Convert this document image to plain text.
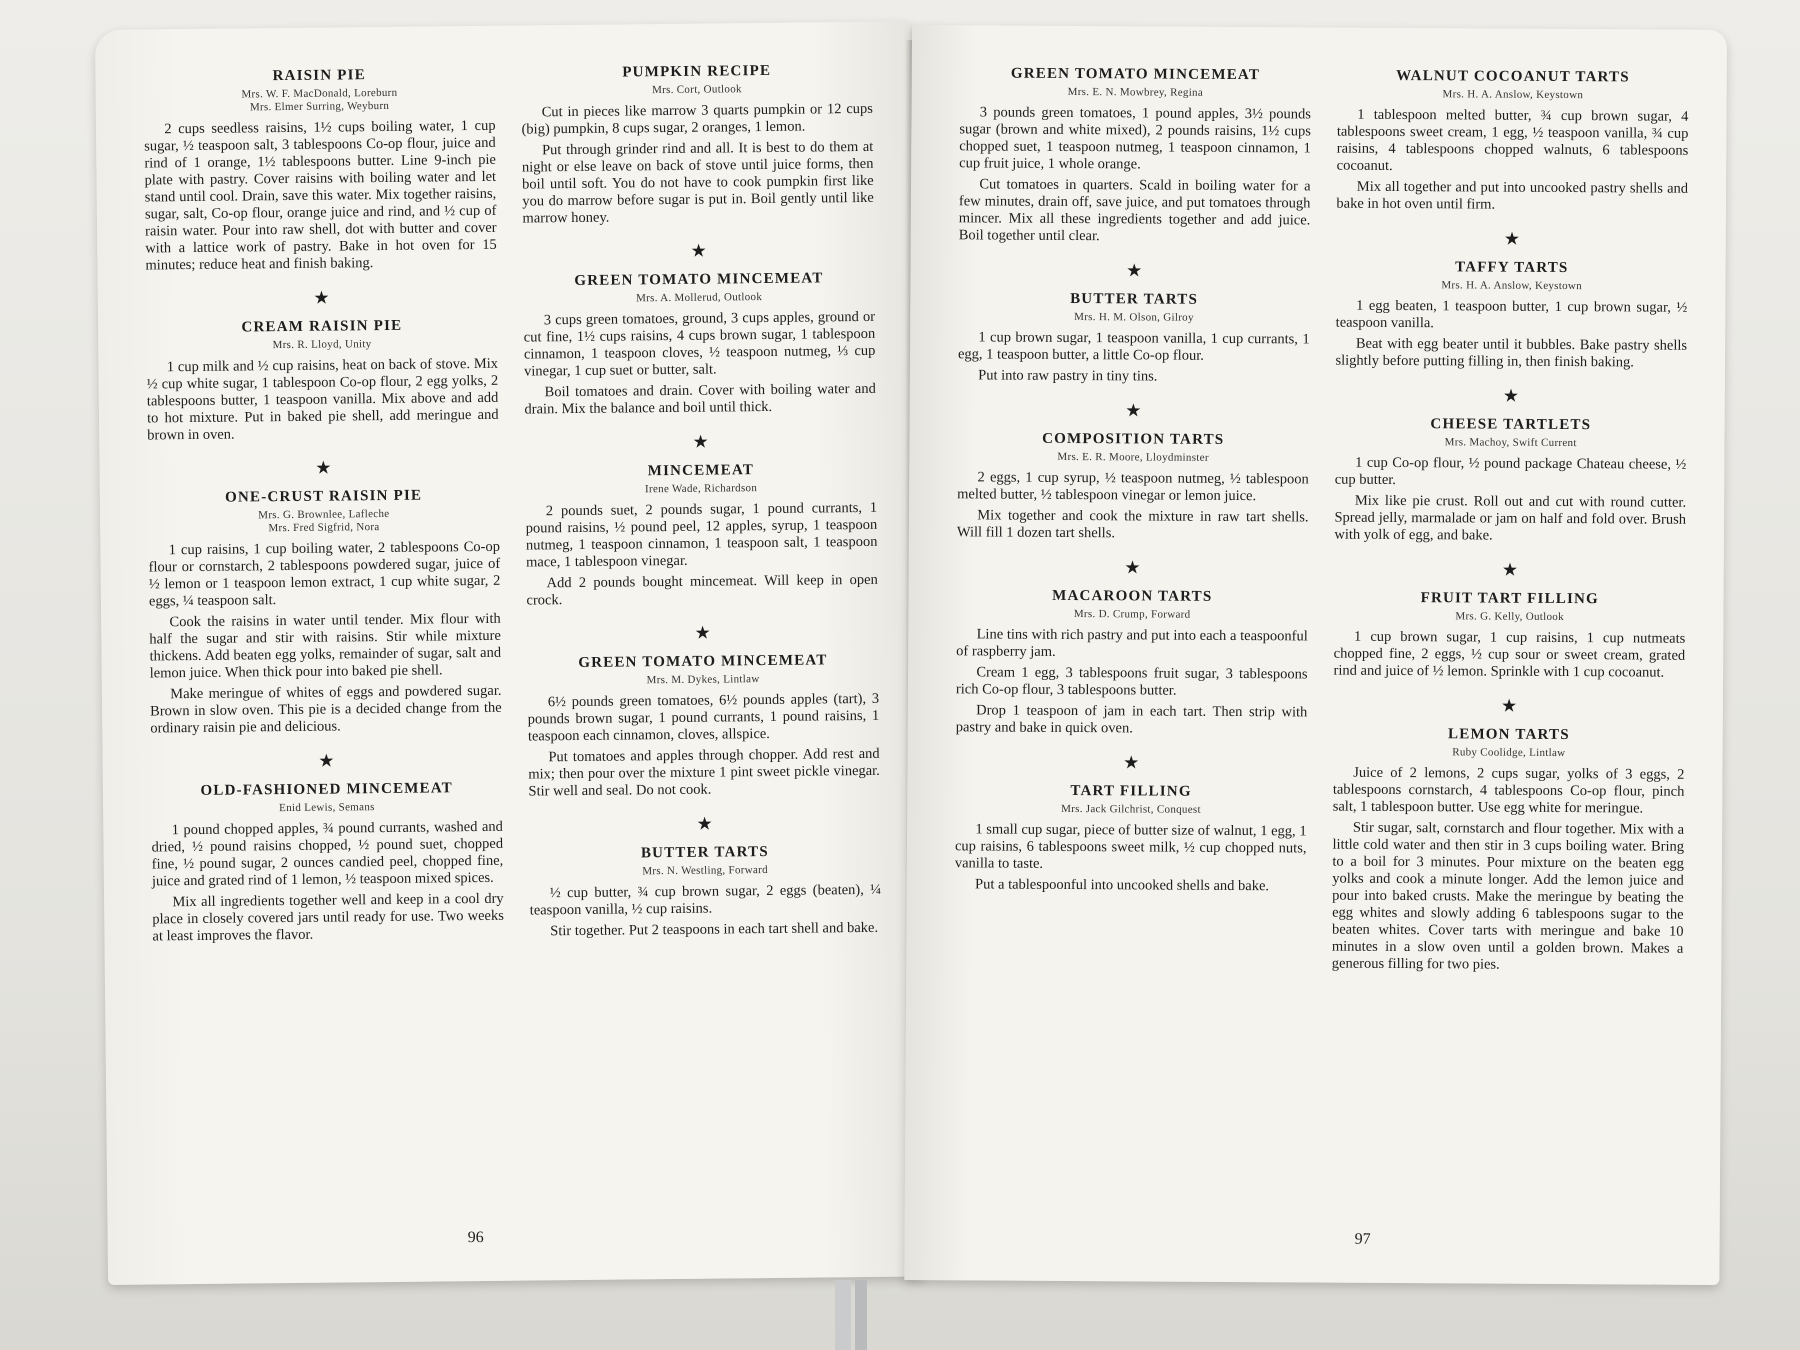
RAISIN PIE
Mrs. W. F. MacDonald, Loreburn
Mrs. Elmer Surring, Weyburn

2 cups seedless raisins, 1½ cups boiling water, 1 cup sugar, ½ teaspoon salt, 3 tablespoons Co-op flour, juice and rind of 1 orange, 1½ tablespoons butter. Line 9-inch pie plate with pastry. Cover raisins with boiling water and let stand until cool. Drain, save this water. Mix together raisins, sugar, salt, Co-op flour, orange juice and rind, and ½ cup of raisin water. Pour into raw shell, dot with butter and cover with a lattice work of pastry. Bake in hot oven for 15 minutes; reduce heat and finish baking.

★
CREAM RAISIN PIE
Mrs. R. Lloyd, Unity

1 cup milk and ½ cup raisins, heat on back of stove. Mix ½ cup white sugar, 1 tablespoon Co-op flour, 2 egg yolks, 2 tablespoons butter, 1 teaspoon vanilla. Mix above and add to hot mixture. Put in baked pie shell, add meringue and brown in oven.

★
ONE-CRUST RAISIN PIE
Mrs. G. Brownlee, Lafleche
Mrs. Fred Sigfrid, Nora

1 cup raisins, 1 cup boiling water, 2 tablespoons Co-op flour or cornstarch, 2 tablespoons powdered sugar, juice of ½ lemon or 1 teaspoon lemon extract, 1 cup white sugar, 2 eggs, ¼ teaspoon salt.

Cook the raisins in water until tender. Mix flour with half the sugar and stir with raisins. Stir while mixture thickens. Add beaten egg yolks, remainder of sugar, salt and lemon juice. When thick pour into baked pie shell.

Make meringue of whites of eggs and powdered sugar. Brown in slow oven. This pie is a decided change from the ordinary raisin pie and delicious.

★
OLD-FASHIONED MINCEMEAT
Enid Lewis, Semans

1 pound chopped apples, ¾ pound currants, washed and dried, ½ pound raisins chopped, ½ pound suet, chopped fine, ½ pound sugar, 2 ounces candied peel, chopped fine, juice and grated rind of 1 lemon, ½ teaspoon mixed spices.

Mix all ingredients together well and keep in a cool dry place in closely covered jars until ready for use. Two weeks at least improves the flavor.

PUMPKIN RECIPE
Mrs. Cort, Outlook

Cut in pieces like marrow 3 quarts pumpkin or 12 cups (big) pumpkin, 8 cups sugar, 2 oranges, 1 lemon.

Put through grinder rind and all. It is best to do them at night or else leave on back of stove until juice forms, then boil until soft. You do not have to cook pumpkin first like you do marrow before sugar is put in. Boil gently until like marrow honey.

★
GREEN TOMATO MINCEMEAT
Mrs. A. Mollerud, Outlook

3 cups green tomatoes, ground, 3 cups apples, ground or cut fine, 1½ cups raisins, 4 cups brown sugar, 1 tablespoon cinnamon, 1 teaspoon cloves, ½ teaspoon nutmeg, ⅓ cup vinegar, 1 cup suet or butter, salt.

Boil tomatoes and drain. Cover with boiling water and drain. Mix the balance and boil until thick.

★
MINCEMEAT
Irene Wade, Richardson

2 pounds suet, 2 pounds sugar, 1 pound currants, 1 pound raisins, ½ pound peel, 12 apples, syrup, 1 teaspoon nutmeg, 1 teaspoon cinnamon, 1 teaspoon salt, 1 teaspoon mace, 1 tablespoon vinegar.

Add 2 pounds bought mincemeat. Will keep in open crock.

★
GREEN TOMATO MINCEMEAT
Mrs. M. Dykes, Lintlaw

6½ pounds green tomatoes, 6½ pounds apples (tart), 3 pounds brown sugar, 1 pound currants, 1 pound raisins, 1 teaspoon each cinnamon, cloves, allspice.

Put tomatoes and apples through chopper. Add rest and mix; then pour over the mixture 1 pint sweet pickle vinegar. Stir well and seal. Do not cook.

★
BUTTER TARTS
Mrs. N. Westling, Forward

½ cup butter, ¾ cup brown sugar, 2 eggs (beaten), ¼ teaspoon vanilla, ½ cup raisins.

Stir together. Put 2 teaspoons in each tart shell and bake.

96
GREEN TOMATO MINCEMEAT
Mrs. E. N. Mowbrey, Regina

3 pounds green tomatoes, 1 pound apples, 3½ pounds sugar (brown and white mixed), 2 pounds raisins, 1½ cups chopped suet, 1 teaspoon nutmeg, 1 teaspoon cinnamon, 1 cup fruit juice, 1 whole orange.

Cut tomatoes in quarters. Scald in boiling water for a few minutes, drain off, save juice, and put tomatoes through mincer. Mix all these ingredients together and add juice. Boil together until clear.

★
BUTTER TARTS
Mrs. H. M. Olson, Gilroy

1 cup brown sugar, 1 teaspoon vanilla, 1 cup currants, 1 egg, 1 teaspoon butter, a little Co-op flour.

Put into raw pastry in tiny tins.

★
COMPOSITION TARTS
Mrs. E. R. Moore, Lloydminster

2 eggs, 1 cup syrup, ½ teaspoon nutmeg, ½ tablespoon melted butter, ½ tablespoon vinegar or lemon juice.

Mix together and cook the mixture in raw tart shells. Will fill 1 dozen tart shells.

★
MACAROON TARTS
Mrs. D. Crump, Forward

Line tins with rich pastry and put into each a teaspoonful of raspberry jam.

Cream 1 egg, 3 tablespoons fruit sugar, 3 tablespoons rich Co-op flour, 3 tablespoons butter.

Drop 1 teaspoon of jam in each tart. Then strip with pastry and bake in quick oven.

★
TART FILLING
Mrs. Jack Gilchrist, Conquest

1 small cup sugar, piece of butter size of walnut, 1 egg, 1 cup raisins, 6 tablespoons sweet milk, ½ cup chopped nuts, vanilla to taste.

Put a tablespoonful into uncooked shells and bake.

WALNUT COCOANUT TARTS
Mrs. H. A. Anslow, Keystown

1 tablespoon melted butter, ¾ cup brown sugar, 4 tablespoons sweet cream, 1 egg, ½ teaspoon vanilla, ¾ cup raisins, 4 tablespoons chopped walnuts, 6 tablespoons cocoanut.

Mix all together and put into uncooked pastry shells and bake in hot oven until firm.

★
TAFFY TARTS
Mrs. H. A. Anslow, Keystown

1 egg beaten, 1 teaspoon butter, 1 cup brown sugar, ½ teaspoon vanilla.

Beat with egg beater until it bubbles. Bake pastry shells slightly before putting filling in, then finish baking.

★
CHEESE TARTLETS
Mrs. Machoy, Swift Current

1 cup Co-op flour, ½ pound package Chateau cheese, ½ cup butter.

Mix like pie crust. Roll out and cut with round cutter. Spread jelly, marmalade or jam on half and fold over. Brush with yolk of egg, and bake.

★
FRUIT TART FILLING
Mrs. G. Kelly, Outlook

1 cup brown sugar, 1 cup raisins, 1 cup nutmeats chopped fine, 2 eggs, ½ cup sour or sweet cream, grated rind and juice of ½ lemon. Sprinkle with 1 cup cocoanut.

★
LEMON TARTS
Ruby Coolidge, Lintlaw

Juice of 2 lemons, 2 cups sugar, yolks of 3 eggs, 2 tablespoons cornstarch, 4 tablespoons Co-op flour, pinch salt, 1 tablespoon butter. Use egg white for meringue.

Stir sugar, salt, cornstarch and flour together. Mix with a little cold water and then stir in 3 cups boiling water. Bring to a boil for 3 minutes. Pour mixture on the beaten egg yolks and cook a minute longer. Add the lemon juice and pour into baked crusts. Make the meringue by beating the egg whites and slowly adding 6 tablespoons sugar to the beaten whites. Cover tarts with meringue and bake 10 minutes in a slow oven until a golden brown. Makes a generous filling for two pies.

97
